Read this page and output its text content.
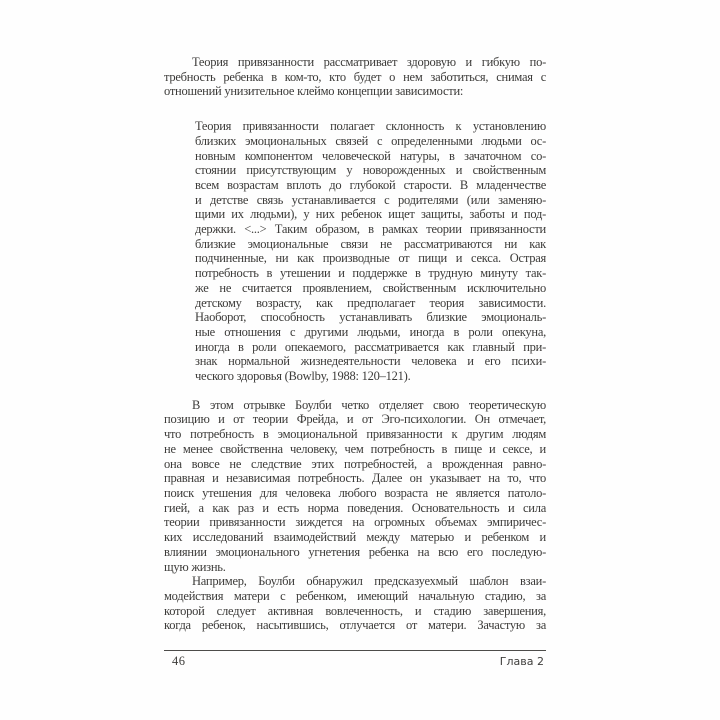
Теория привязанности рассматривает здоровую и гибкую по-
требность ребенка в ком-то, кто будет о нем заботиться, снимая с
отношений унизительное клеймо концепции зависимости:
Теория привязанности полагает склонность к установлению
близких эмоциональных связей с определенными людьми ос-
новным компонентом человеческой натуры, в зачаточном со-
стоянии присутствующим у новорожденных и свойственным
всем возрастам вплоть до глубокой старости. В младенчестве
и детстве связь устанавливается с родителями (или заменяю-
щими их людьми), у них ребенок ищет защиты, заботы и под-
держки. <...> Таким образом, в рамках теории привязанности
близкие эмоциональные связи не рассматриваются ни как
подчиненные, ни как производные от пищи и секса. Острая
потребность в утешении и поддержке в трудную минуту так-
же не считается проявлением, свойственным исключительно
детскому возрасту, как предполагает теория зависимости.
Наоборот, способность устанавливать близкие эмоциональ-
ные отношения с другими людьми, иногда в роли опекуна,
иногда в роли опекаемого, рассматривается как главный при-
знак нормальной жизнедеятельности человека и его психи-
ческого здоровья (Bowlby, 1988: 120–121).
В этом отрывке Боулби четко отделяет свою теоретическую
позицию и от теории Фрейда, и от Эго-психологии. Он отмечает,
что потребность в эмоциональной привязанности к другим людям
не менее свойственна человеку, чем потребность в пище и сексе, и
она вовсе не следствие этих потребностей, а врожденная равно-
правная и независимая потребность. Далее он указывает на то, что
поиск утешения для человека любого возраста не является патоло-
гией, а как раз и есть норма поведения. Основательность и сила
теории привязанности зиждется на огромных объемах эмпиричес-
ких исследований взаимодействий между матерью и ребенком и
влиянии эмоционального угнетения ребенка на всю его последую-
щую жизнь.
Например, Боулби обнаружил предсказуехмый шаблон взаи-
модействия матери с ребенком, имеющий начальную стадию, за
которой следует активная вовлеченность, и стадию завершения,
когда ребенок, насытившись, отлучается от матери. Зачастую за
46	Глава 2
